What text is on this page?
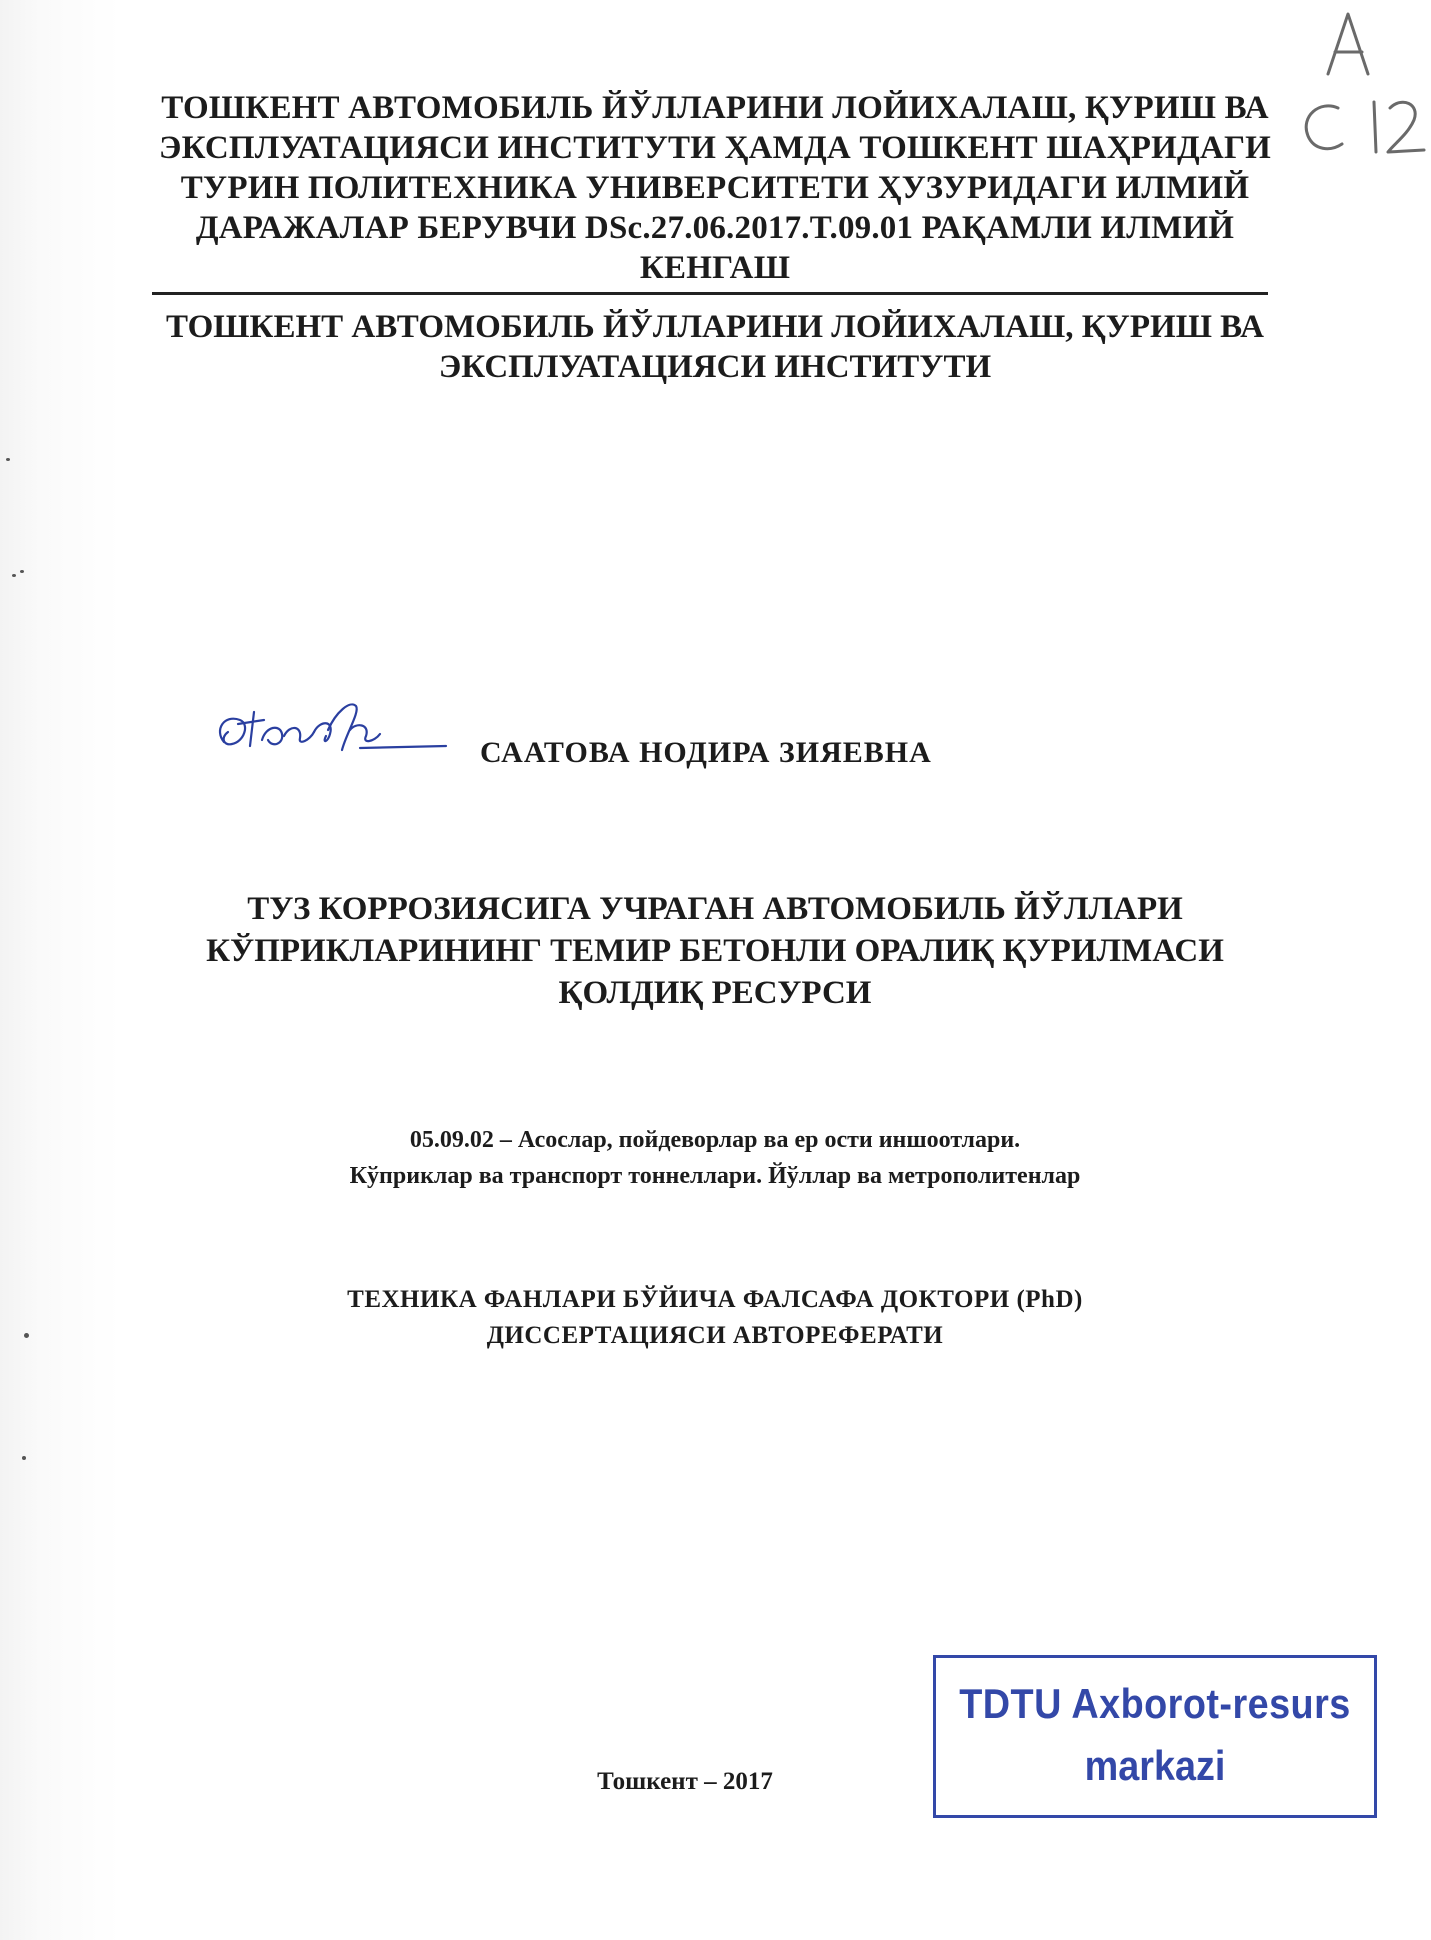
ТОШКЕНТ АВТОМОБИЛЬ ЙЎЛЛАРИНИ ЛОЙИХАЛАШ, ҚУРИШ ВА
ЭКСПЛУАТАЦИЯСИ ИНСТИТУТИ ҲАМДА ТОШКЕНТ ШАҲРИДАГИ
ТУРИН ПОЛИТЕХНИКА УНИВЕРСИТЕТИ ҲУЗУРИДАГИ ИЛМИЙ
ДАРАЖАЛАР БЕРУВЧИ DSc.27.06.2017.T.09.01 РАҚАМЛИ ИЛМИЙ
КЕНГАШ
ТОШКЕНТ АВТОМОБИЛЬ ЙЎЛЛАРИНИ ЛОЙИХАЛАШ, ҚУРИШ ВА
ЭКСПЛУАТАЦИЯСИ ИНСТИТУТИ
СААТОВА НОДИРА ЗИЯЕВНА
ТУЗ КОРРОЗИЯСИГА УЧРАГАН АВТОМОБИЛЬ ЙЎЛЛАРИ
КЎПРИКЛАРИНИНГ ТЕМИР БЕТОНЛИ ОРАЛИҚ ҚУРИЛМАСИ
ҚОЛДИҚ РЕСУРСИ
05.09.02 – Асослар, пойдеворлар ва ер ости иншоотлари.
Кўприклар ва транспорт тоннеллари. Йўллар ва метрополитенлар
ТЕХНИКА ФАНЛАРИ БЎЙИЧА ФАЛСАФА ДОКТОРИ (PhD)
ДИССЕРТАЦИЯСИ АВТОРЕФЕРАТИ
Тошкент – 2017
TDTU Axborot-resurs
markazi
